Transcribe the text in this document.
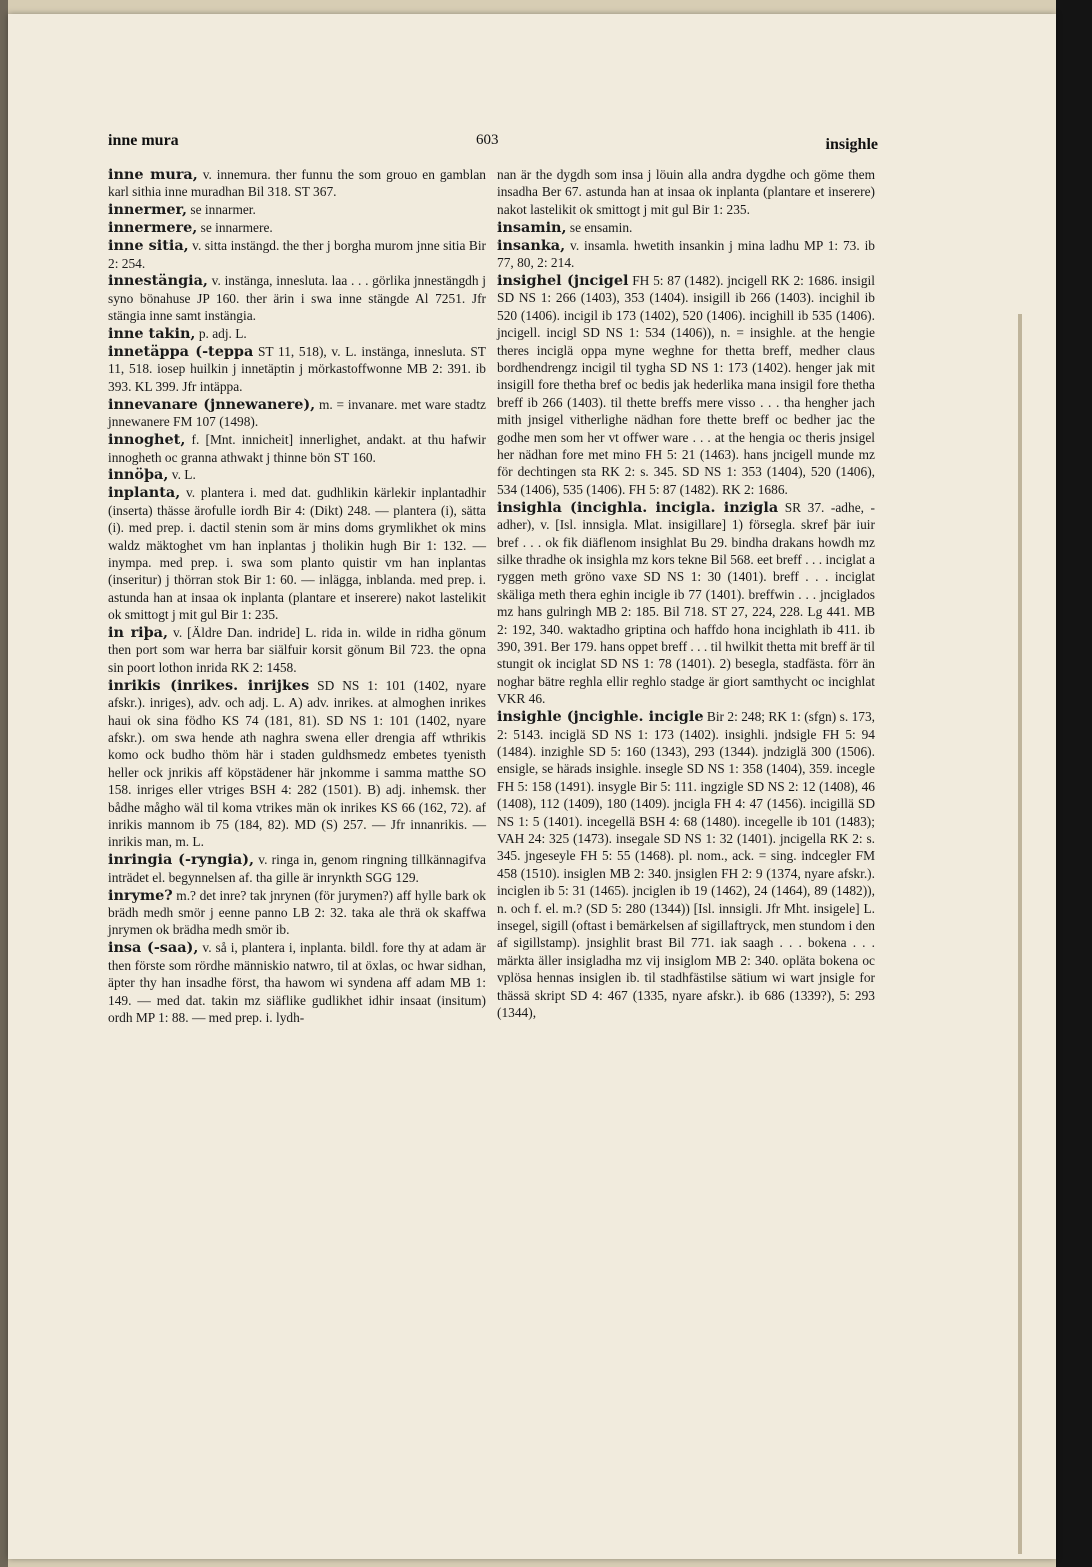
inne mura	603	insighle

inne mura, v. innemura. ther funnu the som grouo en gamblan karl sithia inne muradhan Bil 318. ST 367.

innermer, se innarmer.

innermere, se innarmere.

inne sitia, v. sitta instängd. the ther j borgha murom jnne sitia Bir 2: 254.

innestängia, v. instänga, innesluta. laa . . . görlika jnnestängdh j syno bönahuse JP 160. ther ärin i swa inne stängde Al 7251. Jfr stängia inne samt instängia.

inne takin, p. adj. L.

innetäppa (-teppa ST 11, 518), v. L. instänga, innesluta. ST 11, 518. iosep huilkin j innetäptin j mörkastoffwonne MB 2: 391. ib 393. KL 399. Jfr intäppa.

innevanare (jnnewanere), m. = invanare. met ware stadtz jnnewanere FM 107 (1498).

innoghet, f. [Mnt. innicheit] innerlighet, andakt. at thu hafwir innogheth oc granna athwakt j thinne bön ST 160.

innöþa, v. L.

inplanta, v. plantera i. med dat. gudhlikin kärlekir inplantadhir (inserta) thässe ärofulle iordh Bir 4: (Dikt) 248. — plantera (i), sätta (i). med prep. i. dactil stenin som är mins doms grymlikhet ok mins waldz mäktoghet vm han inplantas j tholikin hugh Bir 1: 132. — inympa. med prep. i. swa som planto quistir vm han inplantas (inseritur) j thörran stok Bir 1: 60. — inlägga, inblanda. med prep. i. astunda han at insaa ok inplanta (plantare et inserere) nakot lastelikit ok smittogt j mit gul Bir 1: 235.

in riþa, v. [Äldre Dan. indride] L. rida in. wilde in ridha gönum then port som war herra bar siälfuir korsit gönum Bil 723. the opna sin poort lothon inrida RK 2: 1458.

inrikis (inrikes. inrijkes SD NS 1: 101 (1402, nyare afskr.). inriges), adv. och adj. L. A) adv. inrikes. at almoghen inrikes haui ok sina födho KS 74 (181, 81). SD NS 1: 101 (1402, nyare afskr.). om swa hende ath naghra swena eller drengia aff wthrikis komo ock budho thöm här i staden guldhsmedz embetes tyenisth heller ock jnrikis aff köpstädener här jnkomme i samma matthe SO 158. inriges eller vtriges BSH 4: 282 (1501). B) adj. inhemsk. ther bådhe mågho wäl til koma vtrikes män ok inrikes KS 66 (162, 72). af inrikis mannom ib 75 (184, 82). MD (S) 257. — Jfr innanrikis. — inrikis man, m. L.

inringia (-ryngia), v. ringa in, genom ringning tillkännagifva inträdet el. begynnelsen af. tha gille är inrynkth SGG 129.

inryme? m.? det inre? tak jnrynen (för jurymen?) aff hylle bark ok brädh medh smör j eenne panno LB 2: 32. taka ale thrä ok skaffwa jnrymen ok brädha medh smör ib.

insa (-saa), v. så i, plantera i, inplanta. bildl. fore thy at adam är then förste som rördhe människio natwro, til at öxlas, oc hwar sidhan, äpter thy han insadhe först, tha hawom wi syndena aff adam MB 1: 149. — med dat. takin mz siäflike gudlikhet idhir insaat (insitum) ordh MP 1: 88. — med prep. i. lydh-

nan är the dygdh som insa j löuin alla andra dygdhe och göme them insadha Ber 67. astunda han at insaa ok inplanta (plantare et inserere) nakot lastelikit ok smittogt j mit gul Bir 1: 235.

insamin, se ensamin.

insanka, v. insamla. hwetith insankin j mina ladhu MP 1: 73. ib 77, 80, 2: 214.

insighel (jncigel FH 5: 87 (1482). jncigell RK 2: 1686. insigil SD NS 1: 266 (1403), 353 (1404). insigill ib 266 (1403). incighil ib 520 (1406). incigil ib 173 (1402), 520 (1406). incighill ib 535 (1406). jncigell. incigl SD NS 1: 534 (1406)), n. = insighle. at the hengie theres inciglä oppa myne weghne for thetta breff, medher claus bordhendrengz incigil til tygha SD NS 1: 173 (1402). henger jak mit insigill fore thetha bref oc bedis jak hederlika mana insigil fore thetha breff ib 266 (1403). til thette breffs mere visso . . . tha hengher jach mith jnsigel vitherlighe nädhan fore thette breff oc bedher jac the godhe men som her vt offwer ware . . . at the hengia oc theris jnsigel her nädhan fore met mino FH 5: 21 (1463). hans jncigell munde mz för dechtingen sta RK 2: s. 345. SD NS 1: 353 (1404), 520 (1406), 534 (1406), 535 (1406). FH 5: 87 (1482). RK 2: 1686.

insighla (incighla. incigla. inzigla SR 37. -adhe, -adher), v. [Isl. innsigla. Mlat. insigillare] 1) försegla. skref þär iuir bref . . . ok fik diäflenom insighlat Bu 29. bindha drakans howdh mz silke thradhe ok insighla mz kors tekne Bil 568. eet breff . . . inciglat a ryggen meth gröno vaxe SD NS 1: 30 (1401). breff . . . inciglat skäliga meth thera eghin incigle ib 77 (1401). breffwin . . . jnciglados mz hans gulringh MB 2: 185. Bil 718. ST 27, 224, 228. Lg 441. MB 2: 192, 340. waktadho griptina och haffdo hona incighlath ib 411. ib 390, 391. Ber 179. hans oppet breff . . . til hwilkit thetta mit breff är til stungit ok inciglat SD NS 1: 78 (1401). 2) besegla, stadfästa. förr än noghar bätre reghla ellir reghlo stadge är giort samthycht oc incighlat VKR 46.

insighle (jncighle. incigle Bir 2: 248; RK 1: (sfgn) s. 173, 2: 5143. inciglä SD NS 1: 173 (1402). insighli. jndsigle FH 5: 94 (1484). inzighle SD 5: 160 (1343), 293 (1344). jndziglä 300 (1506). ensigle, se härads insighle. insegle SD NS 1: 358 (1404), 359. incegle FH 5: 158 (1491). insygle Bir 5: 111. ingzigle SD NS 2: 12 (1408), 46 (1408), 112 (1409), 180 (1409). jncigla FH 4: 47 (1456). incigillä SD NS 1: 5 (1401). incegellä BSH 4: 68 (1480). incegelle ib 101 (1483); VAH 24: 325 (1473). insegale SD NS 1: 32 (1401). jncigella RK 2: s. 345. jngeseyle FH 5: 55 (1468). pl. nom., ack. = sing. indcegler FM 458 (1510). insiglen MB 2: 340. jnsiglen FH 2: 9 (1374, nyare afskr.). inciglen ib 5: 31 (1465). jnciglen ib 19 (1462), 24 (1464), 89 (1482)), n. och f. el. m.? (SD 5: 280 (1344)) [Isl. innsigli. Jfr Mht. insigele] L. insegel, sigill (oftast i bemärkelsen af sigillaftryck, men stundom i den af sigillstamp). jnsighlit brast Bil 771. iak saagh . . . bokena . . . märkta äller insigladha mz vij insiglom MB 2: 340. opläta bokena oc vplösa hennas insiglen ib. til stadhfästilse sätium wi wart jnsigle for thässä skript SD 4: 467 (1335, nyare afskr.). ib 686 (1339?), 5: 293 (1344),
